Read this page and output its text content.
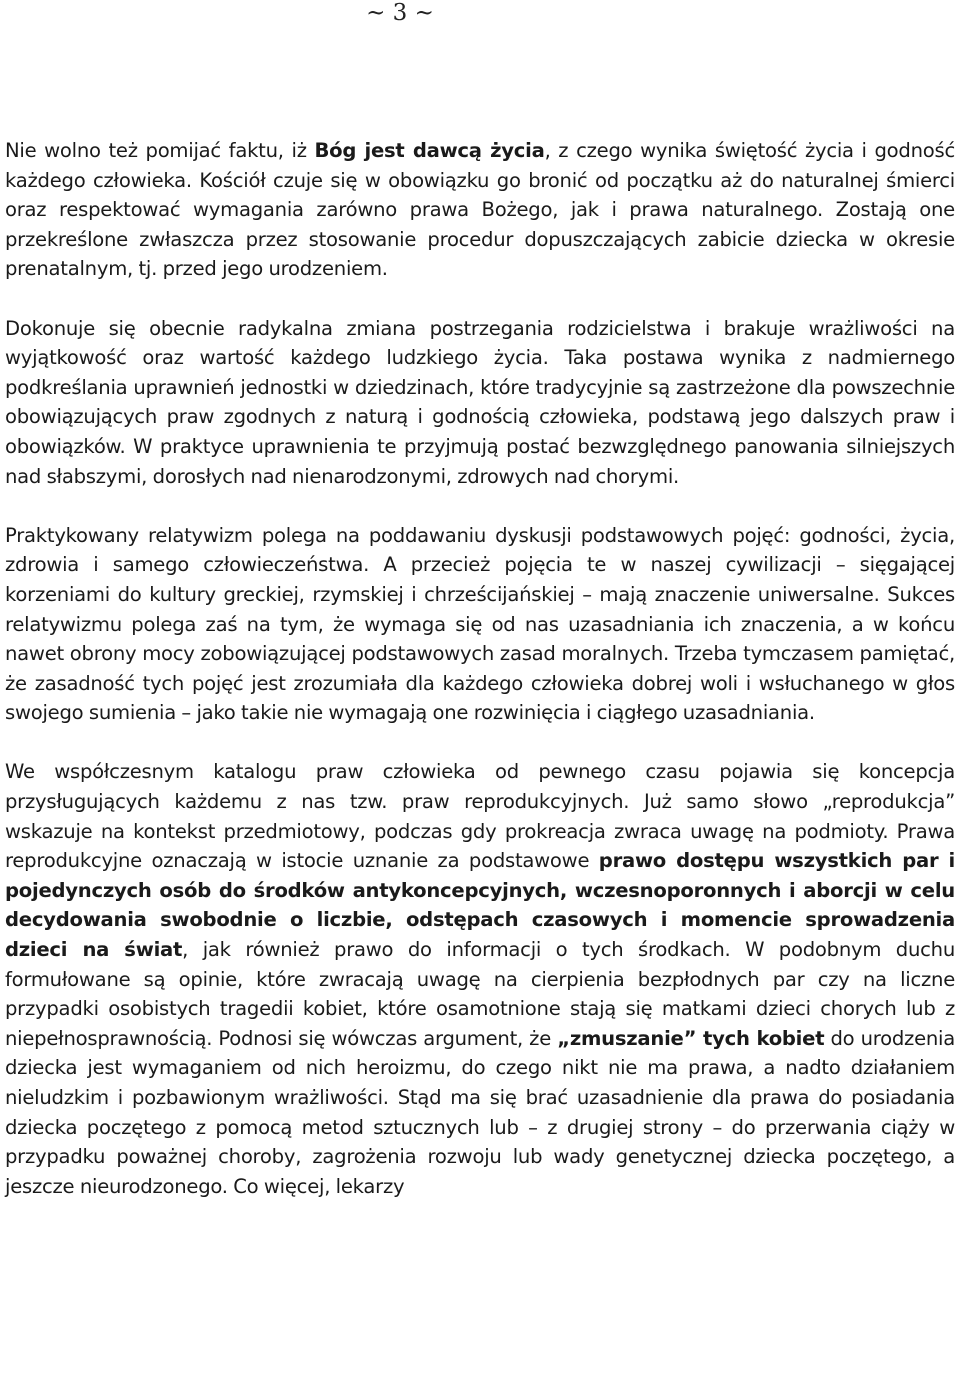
~ 3 ~

Nie wolno też pomijać faktu, iż Bóg jest dawcą życia, z czego wynika świętość życia i godność każdego człowieka. Kościół czuje się w obowiązku go bronić od początku aż do naturalnej śmierci oraz respektować wymagania zarówno prawa Bożego, jak i prawa naturalnego. Zostają one przekreślone zwłaszcza przez stosowanie procedur dopuszczających zabicie dziecka w okresie prenatalnym, tj. przed jego urodzeniem.

Dokonuje się obecnie radykalna zmiana postrzegania rodzicielstwa i brakuje wrażliwości na wyjątkowość oraz wartość każdego ludzkiego życia. Taka postawa wynika z nadmiernego podkreślania uprawnień jednostki w dziedzinach, które tradycyjnie są zastrzeżone dla powszechnie obowiązujących praw zgodnych z naturą i godnością człowieka, podstawą jego dalszych praw i obowiązków. W praktyce uprawnienia te przyjmują postać bezwzględnego panowania silniejszych nad słabszymi, dorosłych nad nienarodzonymi, zdrowych nad chorymi.

Praktykowany relatywizm polega na poddawaniu dyskusji podstawowych pojęć: godności, życia, zdrowia i samego człowieczeństwa. A przecież pojęcia te w naszej cywilizacji – sięgającej korzeniami do kultury greckiej, rzymskiej i chrześcijańskiej – mają znaczenie uniwersalne. Sukces relatywizmu polega zaś na tym, że wymaga się od nas uzasadniania ich znaczenia, a w końcu nawet obrony mocy zobowiązującej podstawowych zasad moralnych. Trzeba tymczasem pamiętać, że zasadność tych pojęć jest zrozumiała dla każdego człowieka dobrej woli i wsłuchanego w głos swojego sumienia – jako takie nie wymagają one rozwinięcia i ciągłego uzasadniania.

We współczesnym katalogu praw człowieka od pewnego czasu pojawia się koncepcja przysługujących każdemu z nas tzw. praw reprodukcyjnych. Już samo słowo „reprodukcja” wskazuje na kontekst przedmiotowy, podczas gdy prokreacja zwraca uwagę na podmioty. Prawa reprodukcyjne oznaczają w istocie uznanie za podstawowe prawo dostępu wszystkich par i pojedynczych osób do środków antykoncepcyjnych, wczesnoporonnych i aborcji w celu decydowania swobodnie o liczbie, odstępach czasowych i momencie sprowadzenia dzieci na świat, jak również prawo do informacji o tych środkach. W podobnym duchu formułowane są opinie, które zwracają uwagę na cierpienia bezpłodnych par czy na liczne przypadki osobistych tragedii kobiet, które osamotnione stają się matkami dzieci chorych lub z niepełnosprawnością. Podnosi się wówczas argument, że „zmuszanie” tych kobiet do urodzenia dziecka jest wymaganiem od nich heroizmu, do czego nikt nie ma prawa, a nadto działaniem nieludzkim i pozbawionym wrażliwości. Stąd ma się brać uzasadnienie dla prawa do posiadania dziecka poczętego z pomocą metod sztucznych lub – z drugiej strony – do przerwania ciąży w przypadku poważnej choroby, zagrożenia rozwoju lub wady genetycznej dziecka poczętego, a jeszcze nieurodzonego. Co więcej, lekarzy
